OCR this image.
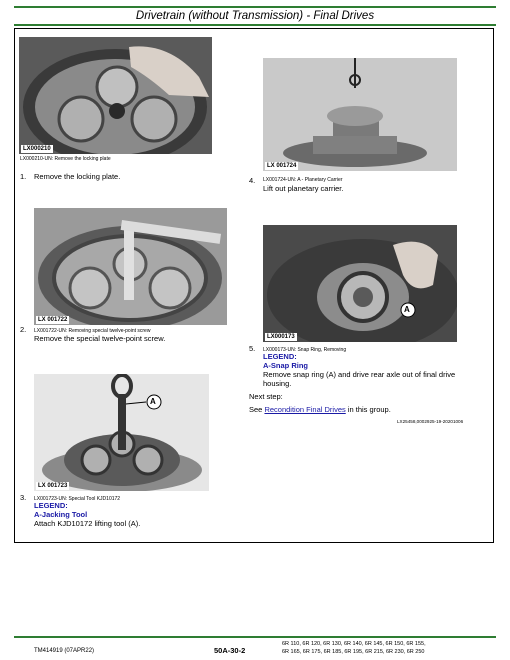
Drivetrain (without Transmission) - Final Drives
LX000210
LX000210-UN: Remove the locking plate
1. Remove the locking plate.
LX 001724
LX001724-UN: A - Planetary Carrier
4.
Lift out planetary carrier.
LX 001722
2. LX001722-UN: Removing special twelve-point screw
Remove the special twelve-point screw.
A
LX000173
5. LX000173-UN: Snap Ring, Removing
LEGEND:
A-Snap Ring
Remove snap ring (A) and drive rear axle out of final drive housing.
Next step:
See Recondition Final Drives in this group.
LX25458,0002925-19-20201006
A
LX 001723
3. LX001723-UN: Special Tool KJD10172
LEGEND:
A-Jacking Tool
Attach KJD10172 lifting tool (A).
TM414919 (07APR22)	50A-30-2
6R 110, 6R 120, 6R 130, 6R 140, 6R 145, 6R 150, 6R 155,
6R 165, 6R 175, 6R 185, 6R 195, 6R 215, 6R 230, 6R 250
